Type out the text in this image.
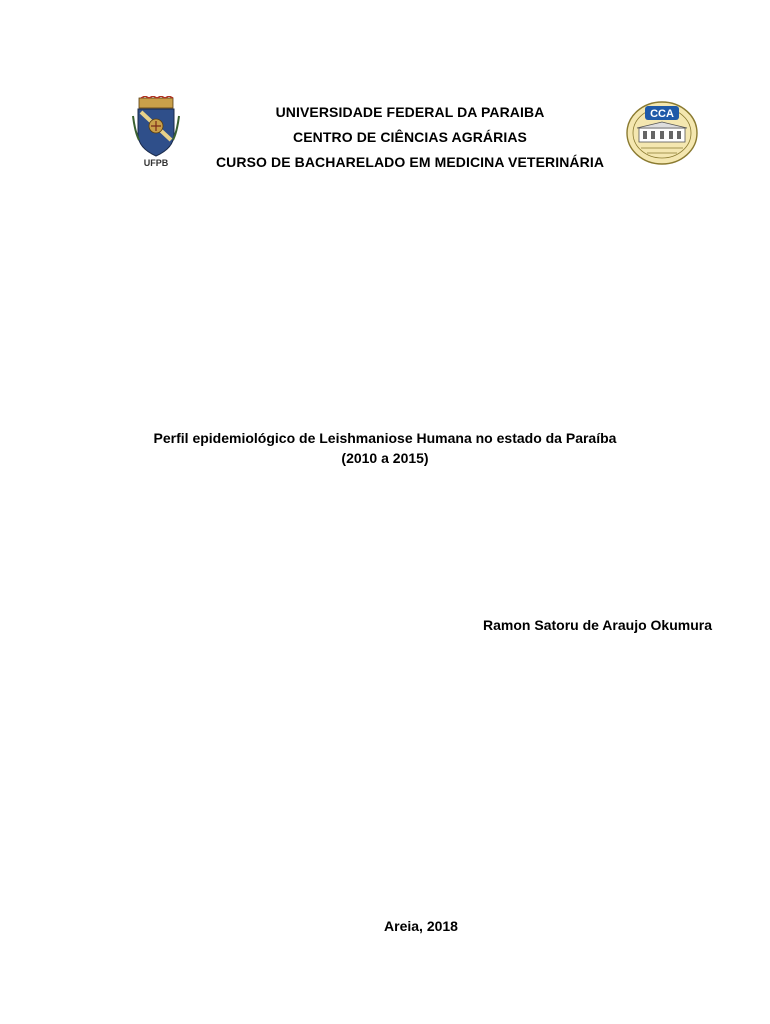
UFPB
UNIVERSIDADE FEDERAL DA PARAIBA
CENTRO DE CIÊNCIAS AGRÁRIAS
CURSO DE BACHARELADO EM MEDICINA VETERINÁRIA
CCA
Perfil epidemiológico de Leishmaniose Humana no estado da Paraíba
(2010 a 2015)
Ramon Satoru de Araujo Okumura
Areia, 2018
